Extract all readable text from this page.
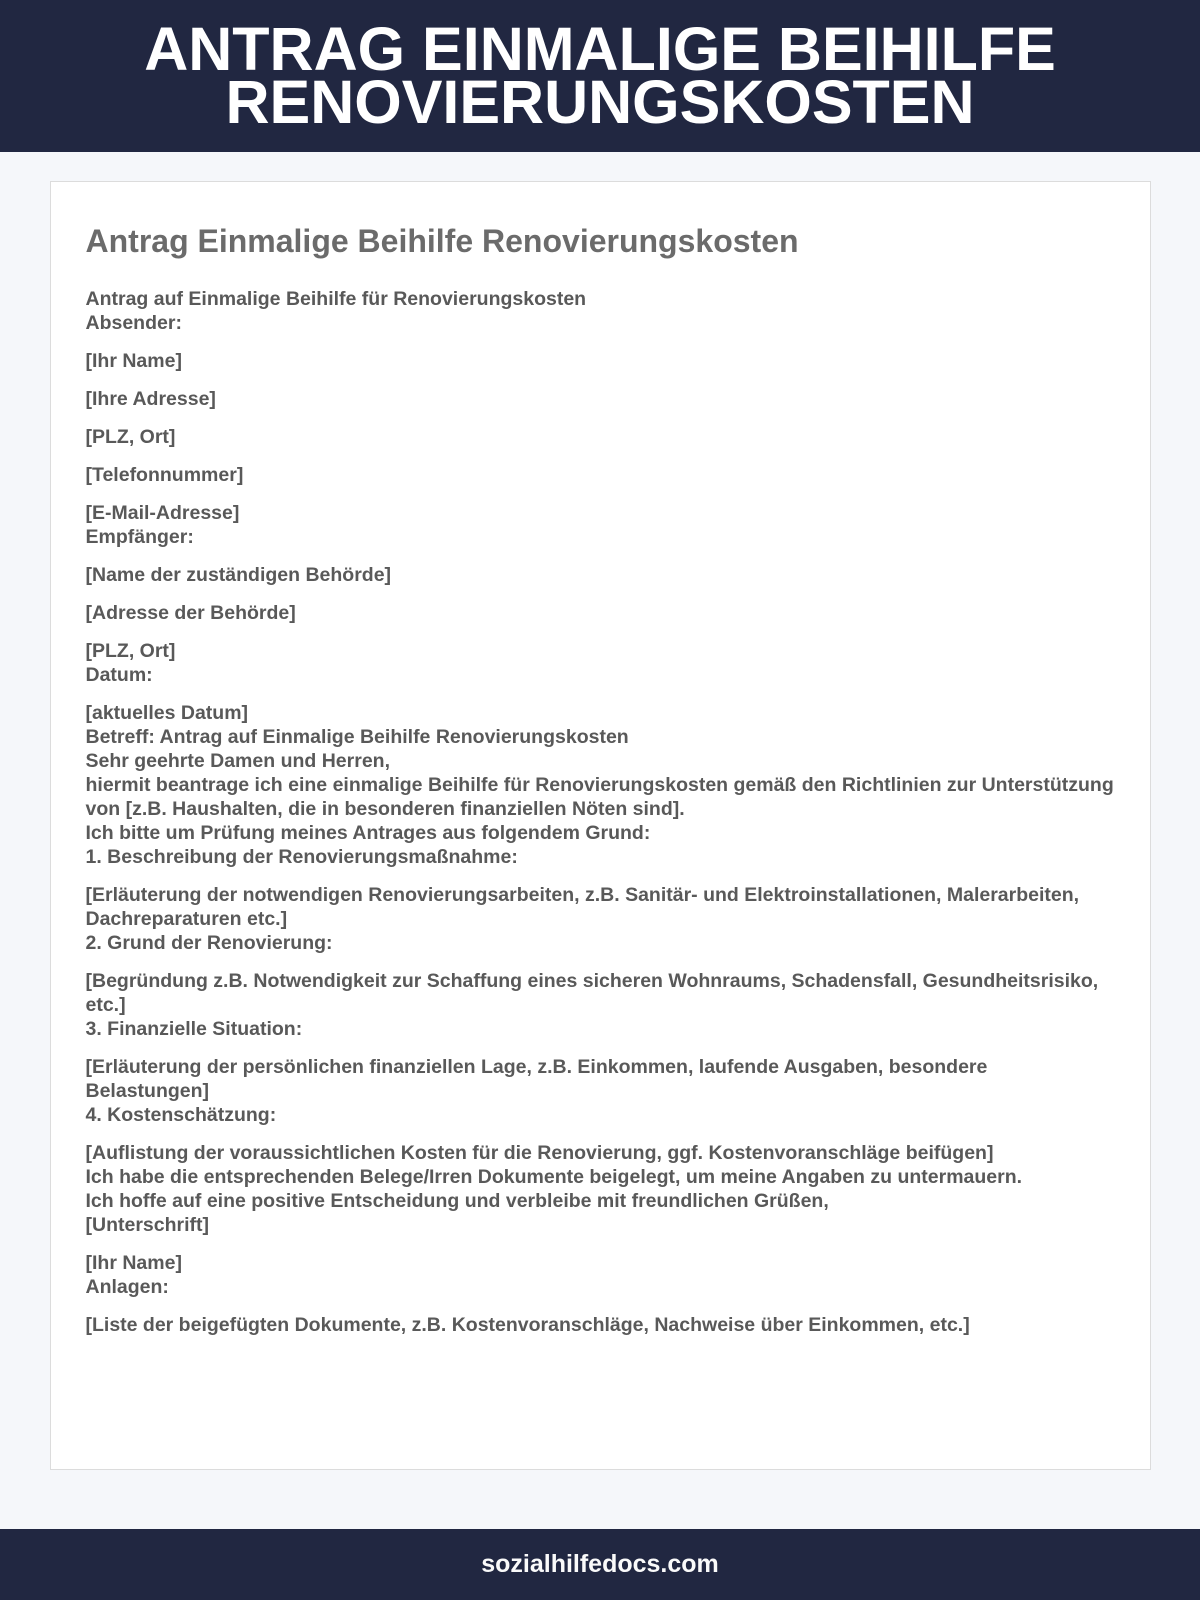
ANTRAG EINMALIGE BEIHILFE RENOVIERUNGSKOSTEN
Antrag Einmalige Beihilfe Renovierungskosten

Antrag auf Einmalige Beihilfe für Renovierungskosten
Absender:

[Ihr Name]

[Ihre Adresse]

[PLZ, Ort]

[Telefonnummer]

[E-Mail-Adresse]
Empfänger:

[Name der zuständigen Behörde]

[Adresse der Behörde]

[PLZ, Ort]
Datum:

[aktuelles Datum]
Betreff: Antrag auf Einmalige Beihilfe Renovierungskosten
Sehr geehrte Damen und Herren,
hiermit beantrage ich eine einmalige Beihilfe für Renovierungskosten gemäß den Richtlinien zur Unterstützung von [z.B. Haushalten, die in besonderen finanziellen Nöten sind].
Ich bitte um Prüfung meines Antrages aus folgendem Grund:
1. Beschreibung der Renovierungsmaßnahme:

[Erläuterung der notwendigen Renovierungsarbeiten, z.B. Sanitär- und Elektroinstallationen, Malerarbeiten, Dachreparaturen etc.]
2. Grund der Renovierung:

[Begründung z.B. Notwendigkeit zur Schaffung eines sicheren Wohnraums, Schadensfall, Gesundheitsrisiko, etc.]
3. Finanzielle Situation:

[Erläuterung der persönlichen finanziellen Lage, z.B. Einkommen, laufende Ausgaben, besondere Belastungen]
4. Kostenschätzung:

[Auflistung der voraussichtlichen Kosten für die Renovierung, ggf. Kostenvoranschläge beifügen]
Ich habe die entsprechenden Belege/Irren Dokumente beigelegt, um meine Angaben zu untermauern.
Ich hoffe auf eine positive Entscheidung und verbleibe mit freundlichen Grüßen,
[Unterschrift]

[Ihr Name]
Anlagen:

[Liste der beigefügten Dokumente, z.B. Kostenvoranschläge, Nachweise über Einkommen, etc.]

sozialhilfedocs.com
